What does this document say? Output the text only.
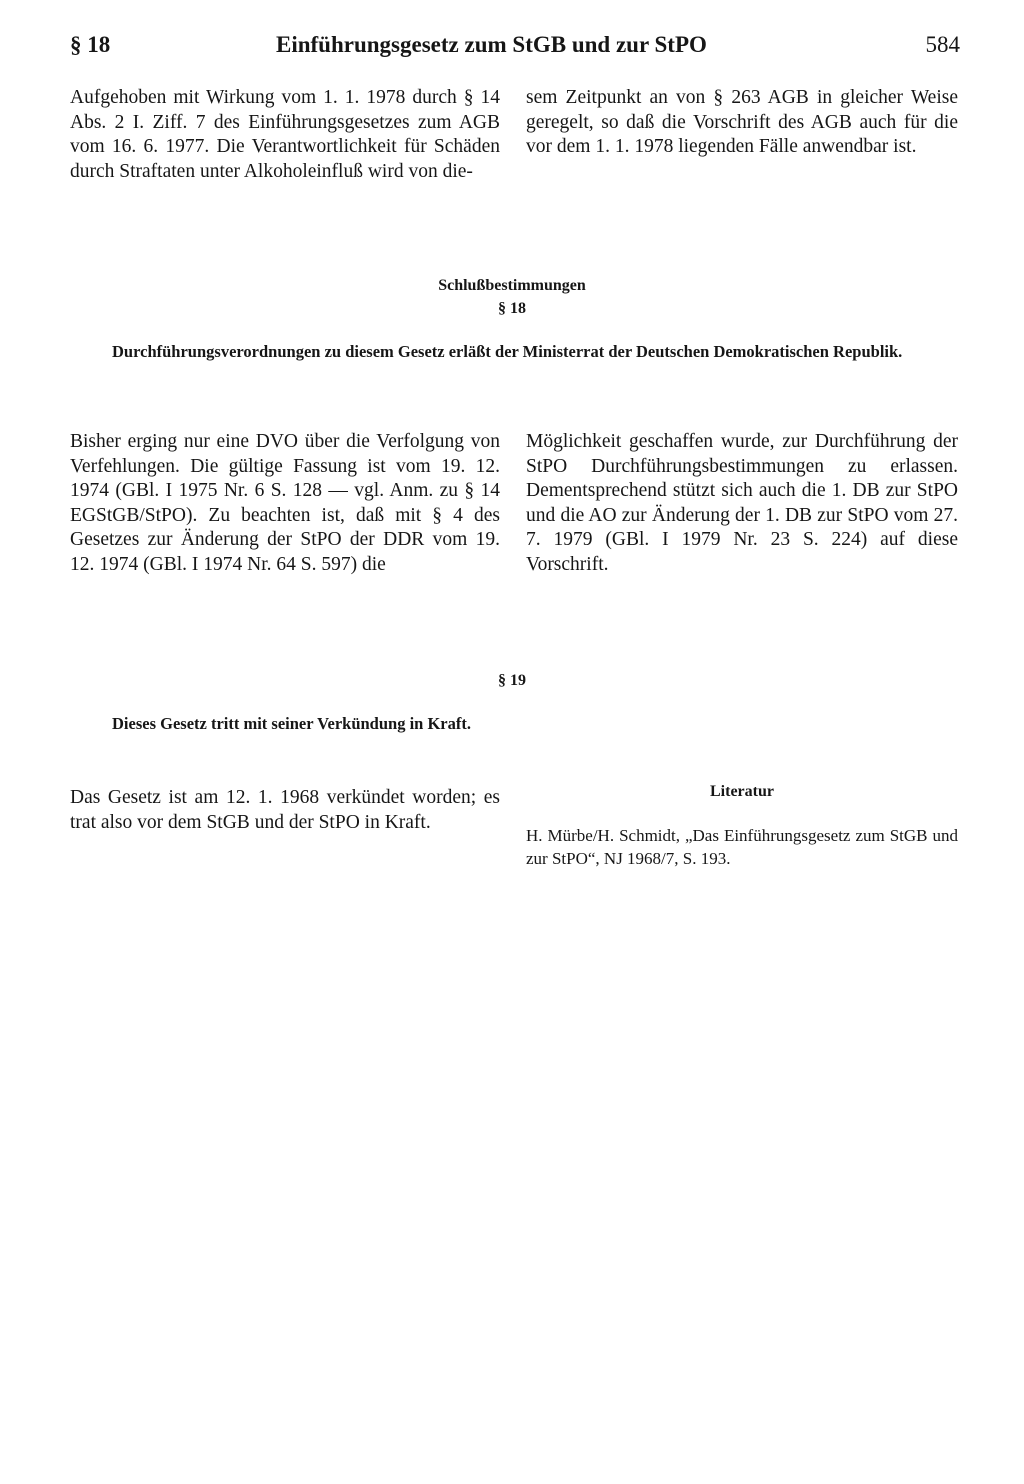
§ 18	Einführungsgesetz zum StGB und zur StPO	584

Aufgehoben mit Wirkung vom 1. 1. 1978 durch § 14 Abs. 2 I. Ziff. 7 des Einführungsgesetzes zum AGB vom 16. 6. 1977. Die Verantwortlichkeit für Schäden durch Straftaten unter Alkoholeinfluß wird von die-

sem Zeitpunkt an von § 263 AGB in gleicher Weise geregelt, so daß die Vorschrift des AGB auch für die vor dem 1. 1. 1978 liegenden Fälle anwendbar ist.

Schlußbestimmungen

§ 18

Durchführungsverordnungen zu diesem Gesetz erläßt der Ministerrat der Deutschen Demokratischen Republik.

Bisher erging nur eine DVO über die Verfolgung von Verfehlungen. Die gültige Fassung ist vom 19. 12. 1974 (GBl. I 1975 Nr. 6 S. 128 — vgl. Anm. zu § 14 EGStGB/StPO). Zu beachten ist, daß mit § 4 des Gesetzes zur Änderung der StPO der DDR vom 19. 12. 1974 (GBl. I 1974 Nr. 64 S. 597) die

Möglichkeit geschaffen wurde, zur Durchführung der StPO Durchführungsbestimmungen zu erlassen. Dementsprechend stützt sich auch die 1. DB zur StPO und die AO zur Änderung der 1. DB zur StPO vom 27. 7. 1979 (GBl. I 1979 Nr. 23 S. 224) auf diese Vorschrift.

§ 19

Dieses Gesetz tritt mit seiner Verkündung in Kraft.

Das Gesetz ist am 12. 1. 1968 verkündet worden; es trat also vor dem StGB und der StPO in Kraft.

Literatur

H. Mürbe/H. Schmidt, „Das Einführungsgesetz zum StGB und zur StPO“, NJ 1968/7, S. 193.
